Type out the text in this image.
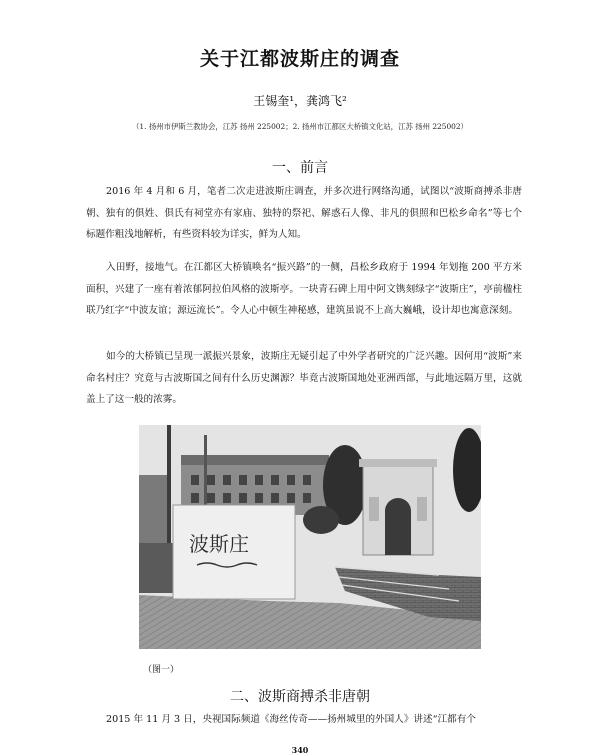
关于江都波斯庄的调查
王锡奎¹，龚鸿飞²
（1. 扬州市伊斯兰教协会，江苏 扬州 225002；2. 扬州市江都区大桥镇文化站，江苏 扬州 225002）
一、前言

2016 年 4 月和 6 月，笔者二次走进波斯庄调查，并多次进行网络沟通，试图以“波斯商搏杀非唐朝、独有的俱姓、俱氏有祠堂亦有家庙、独特的祭祀、解惑石人像、非凡的俱照和巴松乡命名”等七个标题作粗浅地解析，有些资料较为详实，鲜为人知。

入田野，接地气。在江都区大桥镇唤名“振兴路”的一侧，昌松乡政府于 1994 年划拖 200 平方米面积，兴建了一座有着浓郁阿拉伯风格的波斯亭。一块青石碑上用中阿文镌刻绿字“波斯庄”，亭前楹柱联乃红字“中波友谊；源远流长”。令人心中顿生神秘感，建筑虽说不上高大巍峨，设计却也寓意深刻。

如今的大桥镇已呈现一派振兴景象，波斯庄无疑引起了中外学者研究的广泛兴趣。因何用“波斯”来命名村庄？究竟与古波斯国之间有什么历史渊源？毕竟古波斯国地处亚洲西部，与此地远隔万里，这就盖上了这一般的浓雾。

波斯庄
（图一）
二、波斯商搏杀非唐朝

2015 年 11 月 3 日，央视国际频道《海丝传奇——扬州城里的外国人》讲述“江都有个

340
